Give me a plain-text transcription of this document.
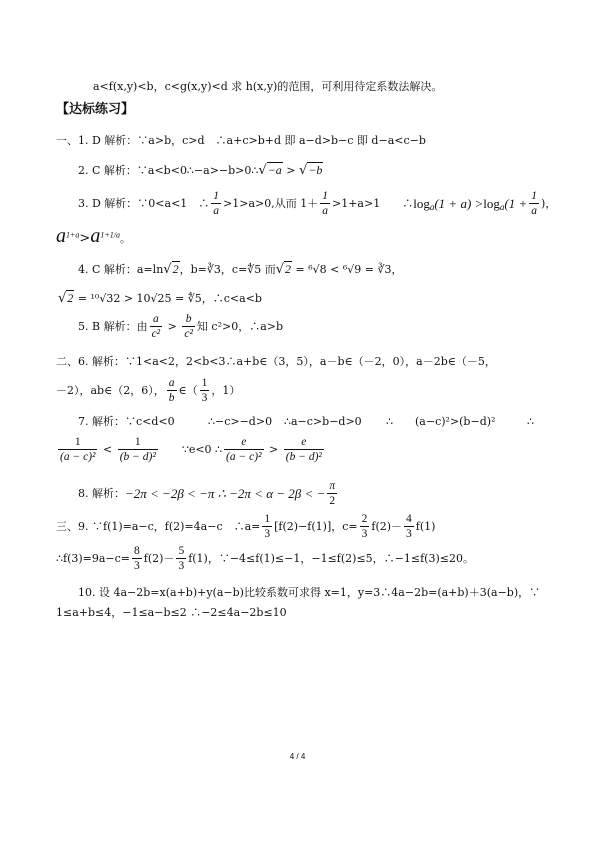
a<f(x,y)<b，c<g(x,y)<d 求 h(x,y)的范围，可利用待定系数法解决。
【达标练习】
一、1. D 解析：∵a>b，c>d　∴a+c>b+d 即 a−d>b−c 即 d−a<c−b
2. C 解析：∵a<b<0∴−a>−b>0∴√−a > √−b
3. D 解析：∵0<a<1　∴ $\frac{1}{a} >1>a>0$,从而 $1+ \frac{1}{a} >1+a>1$　　$\therefore\log_a(1 + a) >\log_a(1 + \frac{1}{a}$ )，
$a^{1+a}>a^{1+1/a}$。
4. C 解析：a=ln√2，b=∛3，c=∜5 而√2 = ⁶√8 < ⁶√9 = ∛3，
√2 = ¹⁰√32 > 10√25 = ∜5，∴c<a<b
5. B 解析：由 $\frac{a}{\text{c²}} > \frac{b}{\text{c²}}$ 知 c²>0，∴a>b
二、6. 解析：∵1<a<2，2<b<3∴a+b∈（3，5），a－b∈（－2，0），a－2b∈（－5，
－2），ab∈（2，6）， $\frac{a}{b}$ ∈（ $\frac{1}{3}$ ，1）
7. 解析：∵c<d<0	∴−c>−d>0 ∴a−c>b−d>0 ∴ (a−c)²>(b−d)²	∴
$\frac{1}{\text{(a − c)²}} < \frac{1}{\text{(b − d)²}}$ ∵e<0 ∴ $\frac{e}{\text{(a − c)²}} > \frac{e}{\text{(b − d)²}}$
8. 解析：−2π < −2β < −π ∴ −2π < α − 2β < − $\frac{\pi}{2}$
三、9. ∵f(1)=a−c，f(2)=4a−c　∴a= $\frac{1}{3} [f(2)-f(1)]$，$c= \frac{2}{3} f(2)- \frac{4}{3} f(1)$
∴f(3)=9a−c= $\frac{8}{3} f(2)- \frac{5}{3} f(1)$，∵−4≤f(1)≤−1，−1≤f(2)≤5，∴−1≤f(3)≤20。
10. 设 4a−2b=x(a+b)+y(a−b)比较系数可求得 x=1，y=3∴4a−2b=(a+b)＋3(a−b)，∵
1≤a+b≤4，−1≤a−b≤2 ∴−2≤4a−2b≤10
4 / 4
